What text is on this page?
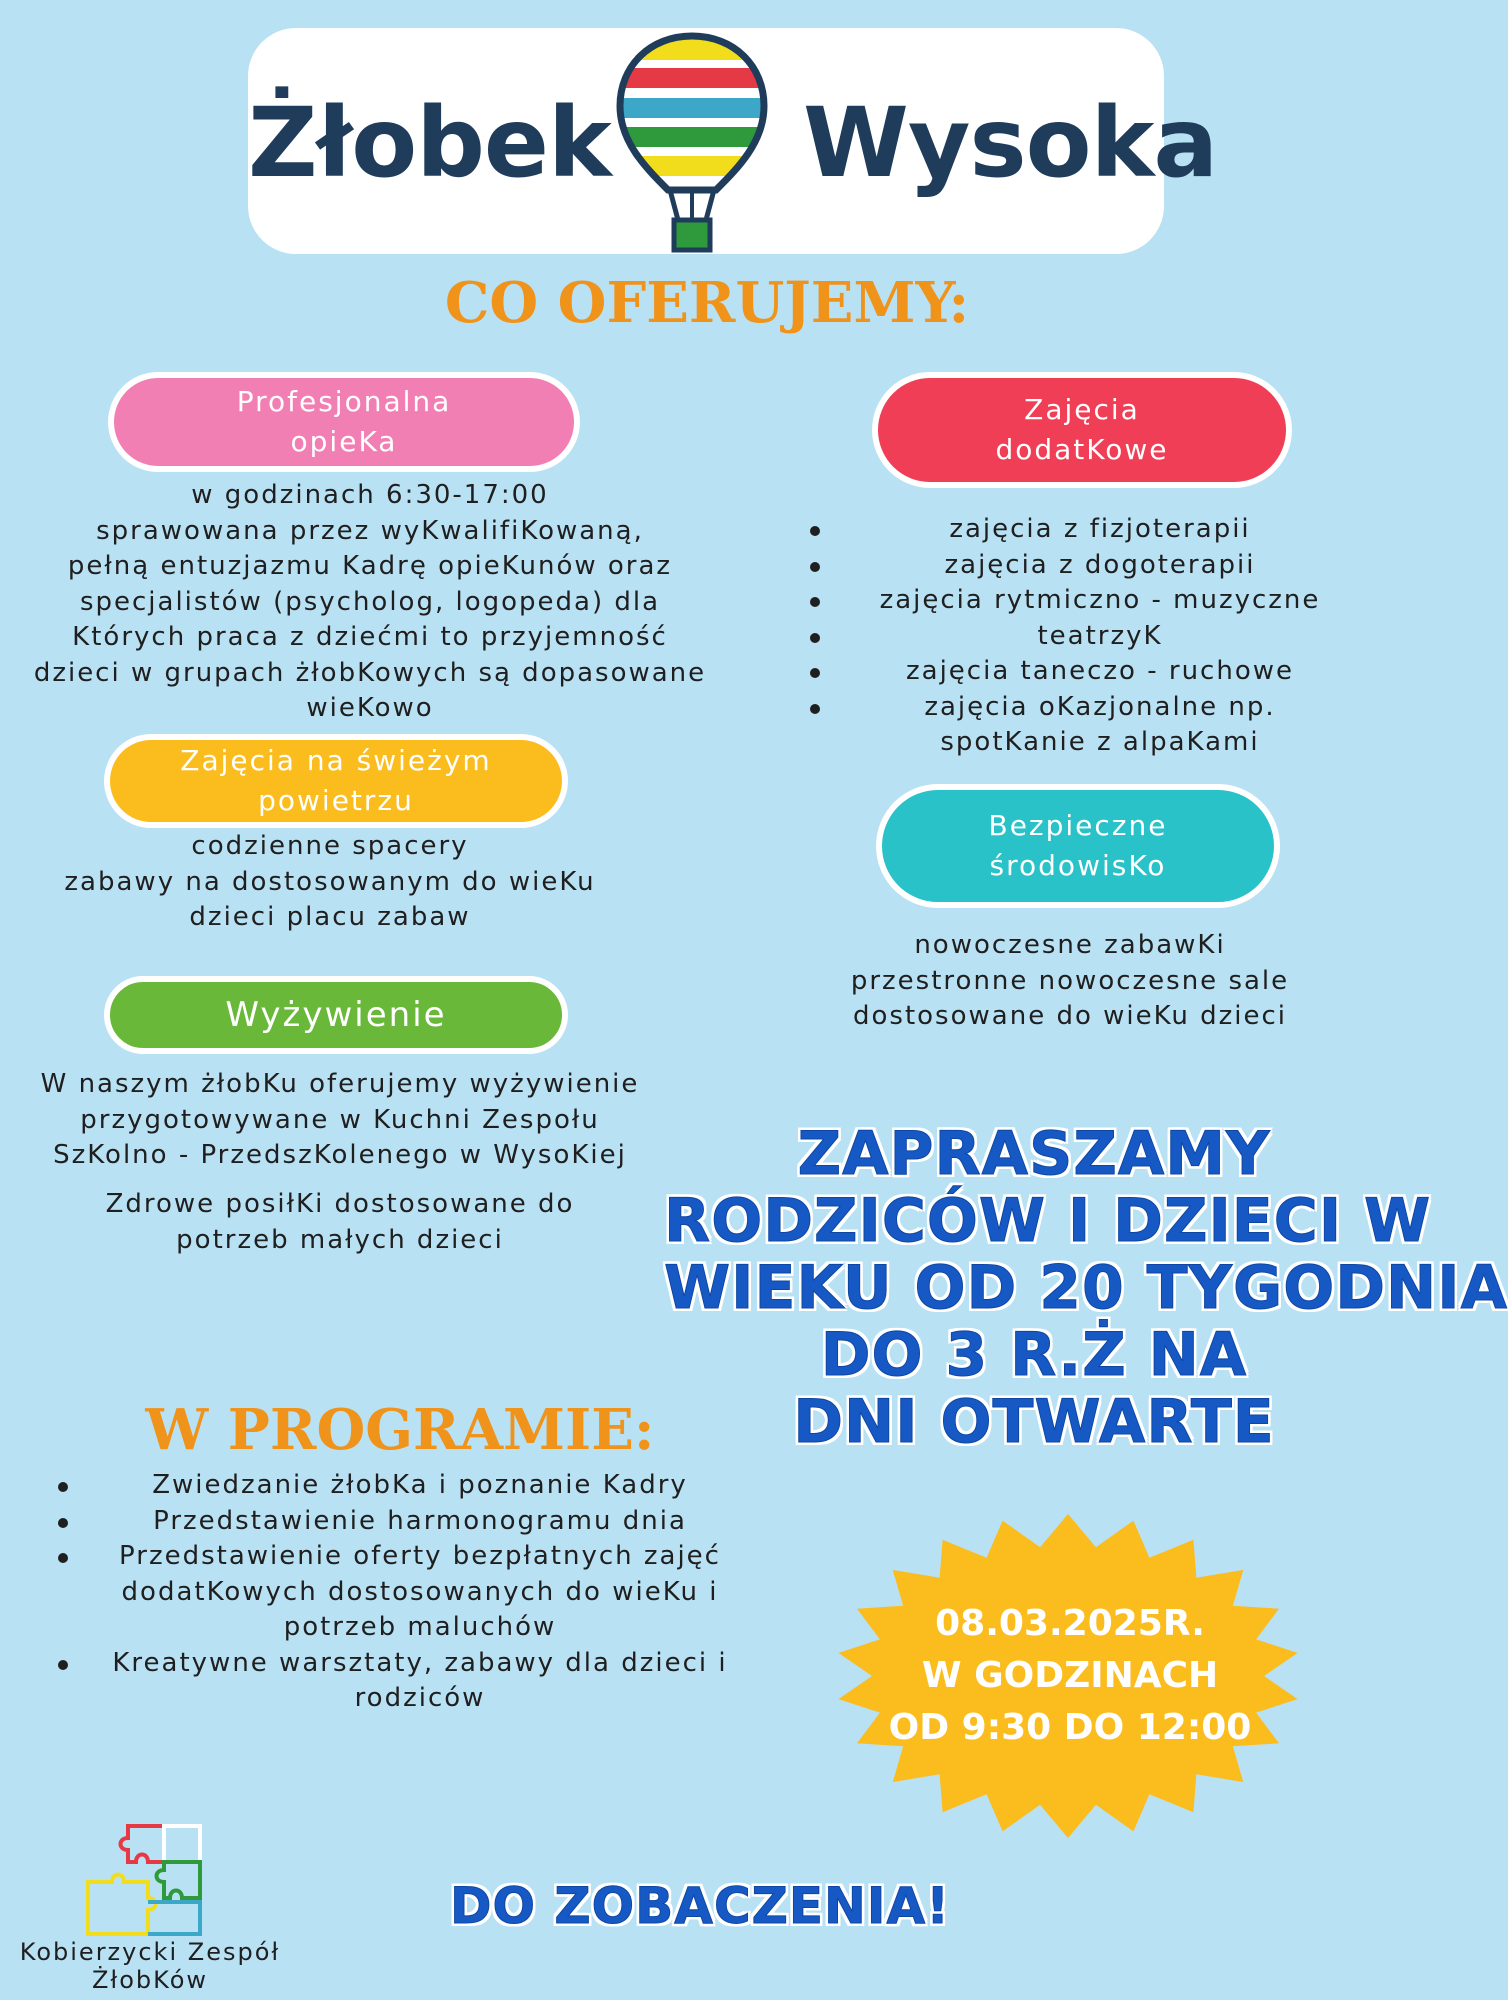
Żłobek Wysoka
CO OFERUJEMY:
Profesjonalna
opieKa
w godzinach 6:30-17:00
sprawowana przez wyKwalifiKowaną,
pełną entuzjazmu Kadrę opieKunów oraz
specjalistów (psycholog, logopeda) dla
Których praca z dziećmi to przyjemność
dzieci w grupach żłobKowych są dopasowane
wieKowo
Zajęcia
dodatKowe
zajęcia z fizjoterapii
zajęcia z dogoterapii
zajęcia rytmiczno - muzyczne
teatrzyK
zajęcia taneczo - ruchowe
zajęcia oKazjonalne np.
spotKanie z alpaKami
Zajęcia na świeżym
powietrzu
codzienne spacery
zabawy na dostosowanym do wieKu
dzieci placu zabaw
Bezpieczne
środowisKo
nowoczesne zabawKi
przestronne nowoczesne sale
dostosowane do wieKu dzieci
Wyżywienie
W naszym żłobKu oferujemy wyżywienie
przygotowywane w Kuchni Zespołu
SzKolno - PrzedszKolenego w WysoKiej
Zdrowe posiłKi dostosowane do
potrzeb małych dzieci
ZAPRASZAMY
RODZICÓW I DZIECI W
WIEKU OD 20 TYGODNIA
DO 3 R.Ż NA
DNI OTWARTE
W PROGRAMIE:
Zwiedzanie żłobKa i poznanie Kadry
Przedstawienie harmonogramu dnia
Przedstawienie oferty bezpłatnych zajęć
dodatKowych dostosowanych do wieKu i
potrzeb maluchów
Kreatywne warsztaty, zabawy dla dzieci i
rodziców
08.03.2025R.
W GODZINACH
OD 9:30 DO 12:00
DO ZOBACZENIA!
Kobierzycki Zespół
ŻłobKów
